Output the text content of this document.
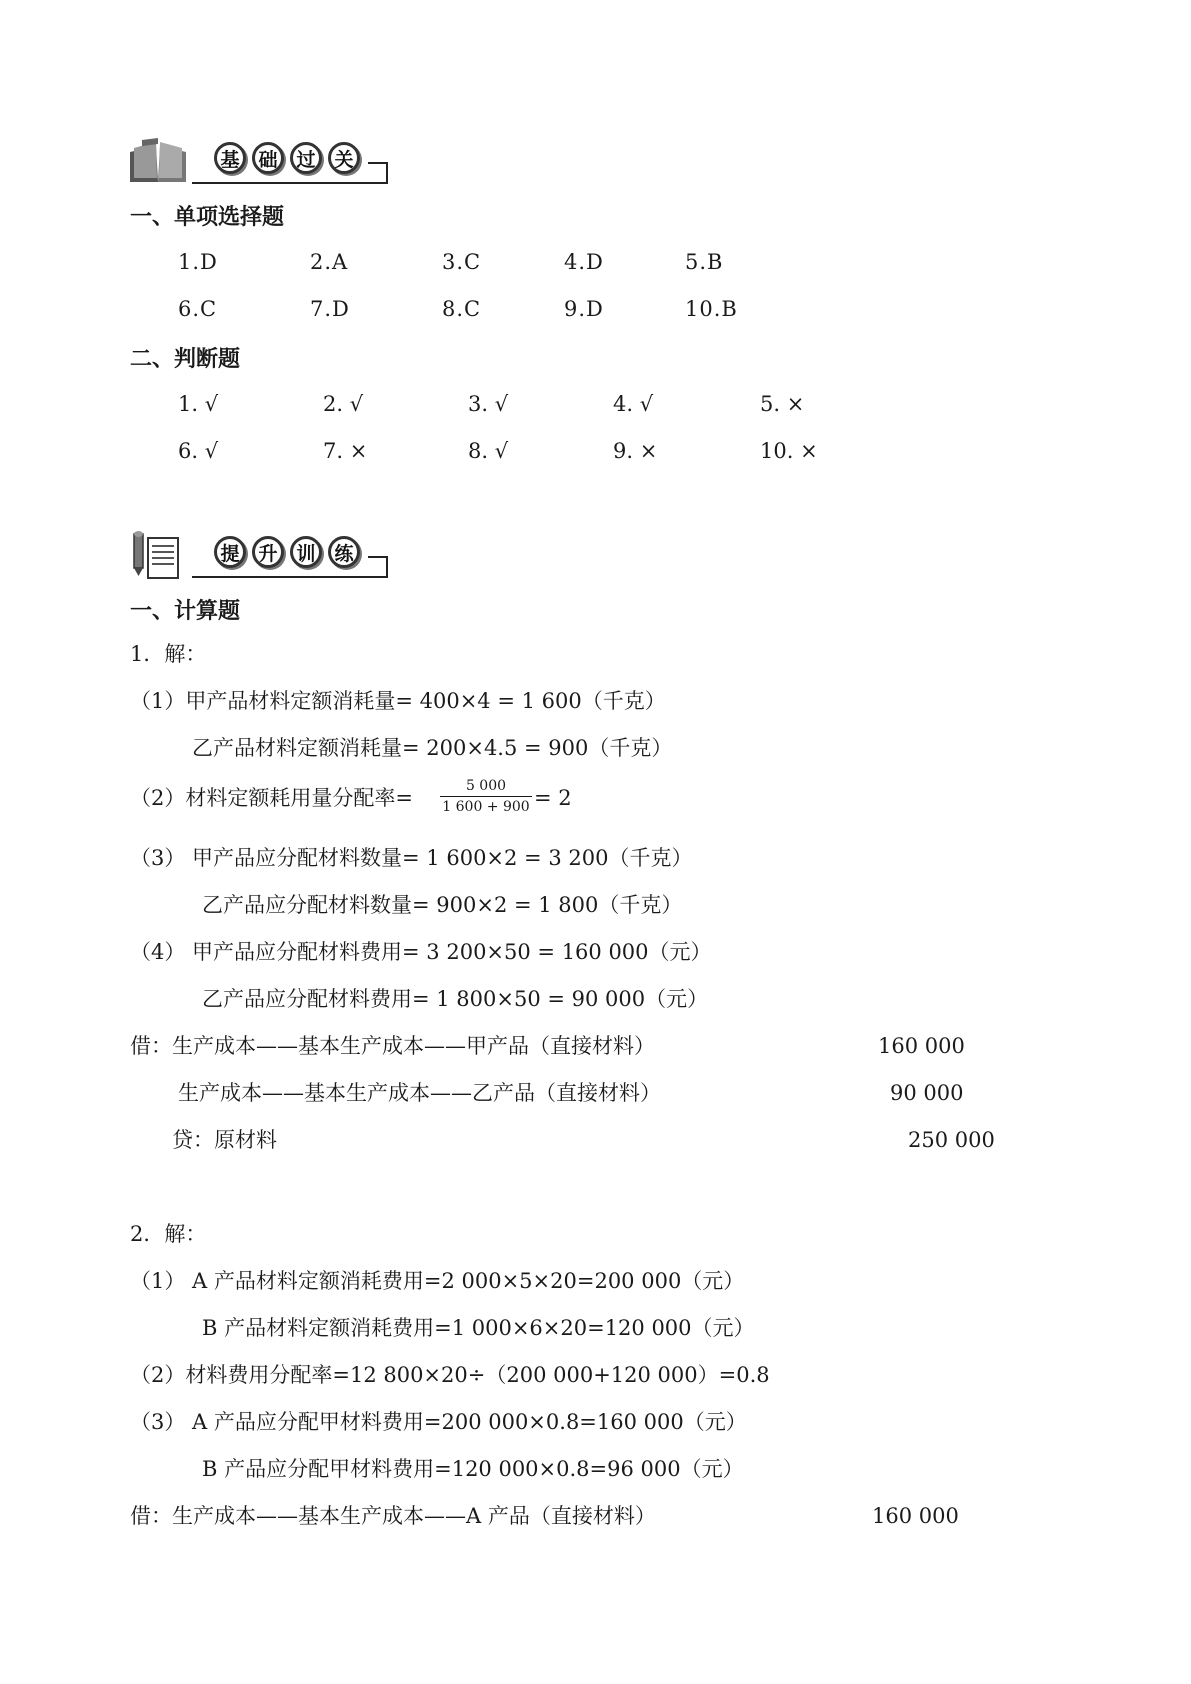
基 础 过 关
一、单项选择题
1.D	2.A	3.C	4.D	5.B
6.C	7.D	8.C	9.D	10.B
二、判断题
1. √	2. √	3. √	4. √	5. ×
6. √	7. ×	8. √	9. ×	10. ×
提 升 训 练
一、计算题
1．解：
（1）甲产品材料定额消耗量= 400×4 = 1 600（千克）
乙产品材料定额消耗量= 200×4.5 = 900（千克）
（2）材料定额耗用量分配率=	5 000
1 600 + 900 = 2
（3） 甲产品应分配材料数量= 1 600×2 = 3 200（千克）
乙产品应分配材料数量= 900×2 = 1 800（千克）
（4） 甲产品应分配材料费用= 3 200×50 = 160 000（元）
乙产品应分配材料费用= 1 800×50 = 90 000（元）
借：生产成本——基本生产成本——甲产品（直接材料）	160 000
生产成本——基本生产成本——乙产品（直接材料）	90 000
贷：原材料	250 000
2．解：
（1） A 产品材料定额消耗费用=2 000×5×20=200 000（元）
B 产品材料定额消耗费用=1 000×6×20=120 000（元）
（2）材料费用分配率=12 800×20÷（200 000+120 000）=0.8
（3） A 产品应分配甲材料费用=200 000×0.8=160 000（元）
B 产品应分配甲材料费用=120 000×0.8=96 000（元）
借：生产成本——基本生产成本——A 产品（直接材料）	160 000
